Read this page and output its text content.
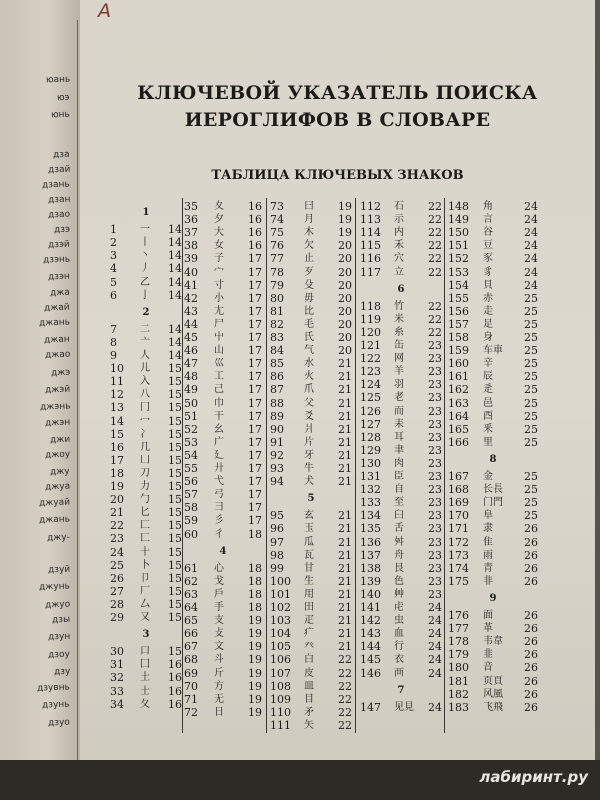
юань
юэ
юнь
дза
дзай
дзань
дзан
дзао
дзэ
дзэй
дзэнь
дзэн
джа
джай
джань
джан
джао
джэ
джэй
джэнь
джэн
джи
джоу
джу
джуа
джуай
джань
джу-
дзуй
джунь
джуо
дзы
дзун
дзоу
дзу
дзувнь
дзунь
дзуо
КЛЮЧЕВОЙ УКАЗАТЕЛЬ ПОИСКА
ИЕРОГЛИФОВ В СЛОВАРЕ
ТАБЛИЦА КЛЮЧЕВЫХ ЗНАКОВ
1
1 一 14
2 丨 14
3 丶 14
4 丿 14
5 乙 14
6 亅 14
2
7 二 14
8 亠 14
9 人 14
10 儿 15
11 入 15
12 八 15
13 冂 15
14 冖 15
15 冫 15
16 几 15
17 凵 15
18 刀 15
19 力 15
20 勹 15
21 匕 15
22 匚 15
23 匸 15
24 十 15
25 卜 15
26 卩 15
27 厂 15
28 厶 15
29 又 15
3
30 口 15
31 囗 16
32 土 16
33 士 16
34 夂 16
35 夊 16
36 夕 16
37 大 16
38 女 16
39 子 17
40 宀 17
41 寸 17
42 小 17
43 尢 17
44 尸 17
45 屮 17
46 山 17
47 巛 17
48 工 17
49 己 17
50 巾 17
51 干 17
52 幺 17
53 广 17
54 廴 17
55 廾 17
56 弋 17
57 弓 17
58 彐 17
59 彡 17
60 彳 18
4
61 心 18
62 戈 18
63 戶 18
64 手 18
65 支 19
66 攴 19
67 文 19
68 斗 19
69 斤 19
70 方 19
71 无 19
72 日 19
73 曰 19
74 月 19
75 木 19
76 欠 20
77 止 20
78 歹 20
79 殳 20
80 毋 20
81 比 20
82 毛 20
83 氏 20
84 气 20
85 水 21
86 火 21
87 爪 21
88 父 21
89 爻 21
90 爿 21
91 片 21
92 牙 21
93 牛 21
94 犬 21
5
95 玄 21
96 玉 21
97 瓜 21
98 瓦 21
99 甘 21
100 生 21
101 用 21
102 田 21
103 疋 21
104 疒 21
105 癶 21
106 白 22
107 皮 22
108 皿 22
109 目 22
110 矛 22
111 矢 22
112 石 22
113 示 22
114 内 22
115 禾 22
116 穴 22
117 立 22
6
118 竹 22
119 米 22
120 糸 22
121 缶 23
122 网 23
123 羊 23
124 羽 23
125 老 23
126 而 23
127 耒 23
128 耳 23
129 聿 23
130 肉 23
131 臣 23
132 自 23
133 至 23
134 臼 23
135 舌 23
136 舛 23
137 舟 23
138 艮 23
139 色 23
140 艸 23
141 虍 24
142 虫 24
143 血 24
144 行 24
145 衣 24
146 襾 24
7
147 见見 24
148 角	24
149 言	24
150 谷	24
151 豆	24
152 豕	24
153 豸	24
154 貝	24
155 赤	25
156 走	25
157 足	25
158 身	25
159 车車 25
160 辛	25
161 辰	25
162 辵	25
163 邑	25
164 酉	25
165 釆	25
166 里	25
8
167 金	25
168 长長 25
169 门門 25
170 阜	25
171 隶	26
172 隹	26
173 雨	26
174 青	26
175 非	26
9
176 面	26
177 革	26
178 韦韋 26
179 韭	26
180 音	26
181 页頁 26
182 风風 26
183 飞飛 26
A
лабиринт.ру
